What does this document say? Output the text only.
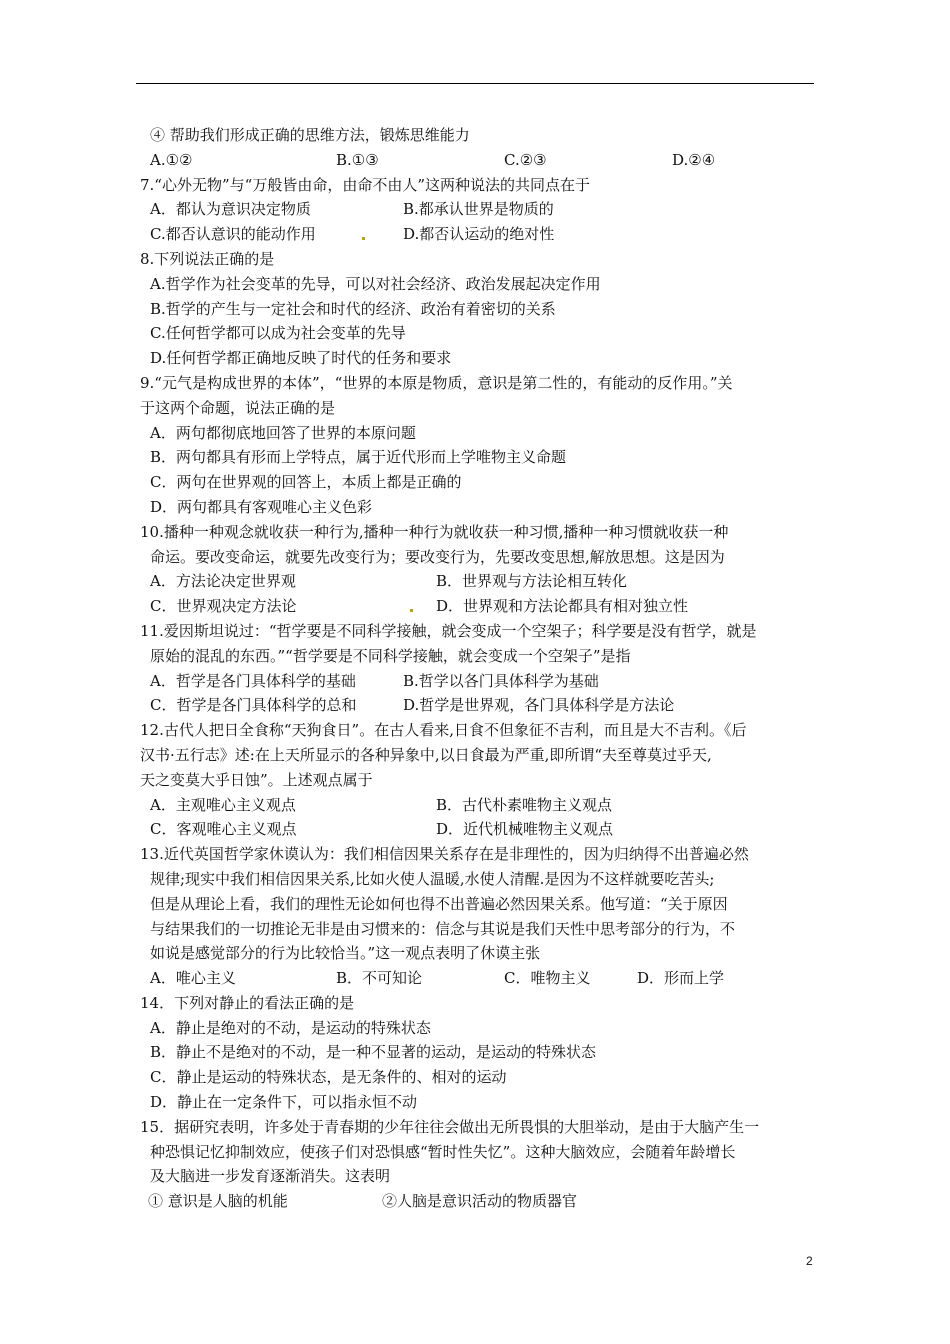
④ 帮助我们形成正确的思维方法，锻炼思维能力
A.①②	B.①③	C.②③	D.②④
7.“心外无物”与“万般皆由命，由命不由人”这两种说法的共同点在于
A．都认为意识决定物质	B.都承认世界是物质的
C.都否认意识的能动作用	D.都否认运动的绝对性
8.下列说法正确的是
A.哲学作为社会变革的先导，可以对社会经济、政治发展起决定作用
B.哲学的产生与一定社会和时代的经济、政治有着密切的关系
C.任何哲学都可以成为社会变革的先导
D.任何哲学都正确地反映了时代的任务和要求
9.“元气是构成世界的本体”，“世界的本原是物质，意识是第二性的，有能动的反作用。”关
于这两个命题，说法正确的是
A．两句都彻底地回答了世界的本原问题
B．两句都具有形而上学特点，属于近代形而上学唯物主义命题
C．两句在世界观的回答上，本质上都是正确的
D．两句都具有客观唯心主义色彩
10.播种一种观念就收获一种行为,播种一种行为就收获一种习惯,播种一种习惯就收获一种
命运。要改变命运，就要先改变行为；要改变行为，先要改变思想,解放思想。这是因为
A．方法论决定世界观	B．世界观与方法论相互转化
C．世界观决定方法论	D．世界观和方法论都具有相对独立性
11.爱因斯坦说过：“哲学要是不同科学接触，就会变成一个空架子；科学要是没有哲学，就是
原始的混乱的东西。”“哲学要是不同科学接触，就会变成一个空架子”是指
A．哲学是各门具体科学的基础	B.哲学以各门具体科学为基础
C．哲学是各门具体科学的总和	D.哲学是世界观，各门具体科学是方法论
12.古代人把日全食称“天狗食日”。在古人看来,日食不但象征不吉利，而且是大不吉利。《后
汉书·五行志》述:在上天所显示的各种异象中,以日食最为严重,即所谓“夫至尊莫过乎天,
天之变莫大乎日蚀”。上述观点属于
A．主观唯心主义观点	B．古代朴素唯物主义观点
C．客观唯心主义观点	D．近代机械唯物主义观点
13.近代英国哲学家休谟认为：我们相信因果关系存在是非理性的，因为归纳得不出普遍必然
规律;现实中我们相信因果关系,比如火使人温暖,水使人清醒.是因为不这样就要吃苦头;
但是从理论上看，我们的理性无论如何也得不出普遍必然因果关系。他写道：“关于原因
与结果我们的一切推论无非是由习惯来的：信念与其说是我们天性中思考部分的行为，不
如说是感觉部分的行为比较恰当。”这一观点表明了休谟主张
A．唯心主义	B．不可知论	C．唯物主义	D．形而上学
14．下列对静止的看法正确的是
A．静止是绝对的不动，是运动的特殊状态
B．静止不是绝对的不动，是一种不显著的运动，是运动的特殊状态
C．静止是运动的特殊状态，是无条件的、相对的运动
D．静止在一定条件下，可以指永恒不动
15．据研究表明，许多处于青春期的少年往往会做出无所畏惧的大胆举动，是由于大脑产生一
种恐惧记忆抑制效应，使孩子们对恐惧感“暂时性失忆”。这种大脑效应，会随着年龄增长
及大脑进一步发育逐渐消失。这表明
① 意识是人脑的机能	②人脑是意识活动的物质器官
2
